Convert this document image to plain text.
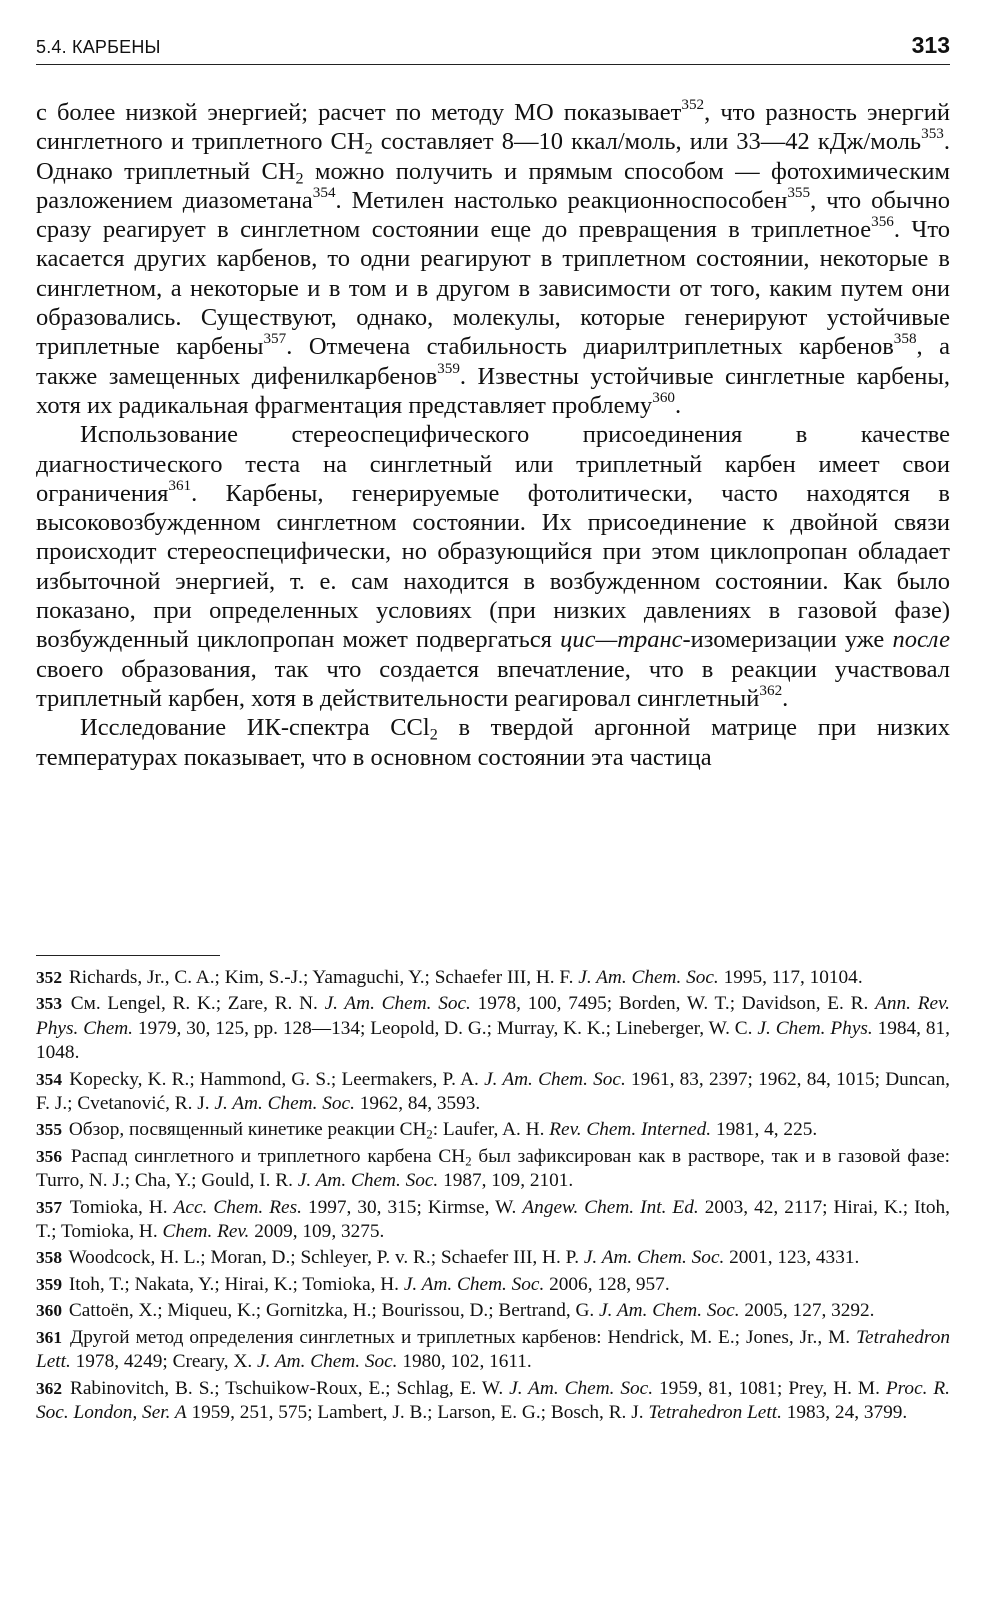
5.4. КАРБЕНЫ	313

с более низкой энергией; расчет по методу МО показывает$^{352}$, что разность энергий синглетного и триплетного $CH_2$ составляет 8—10 ккал/моль, или 33—42 кДж/моль$^{353}$. Однако триплетный $CH_2$ можно получить и прямым способом — фотохимическим разложением диазометана$^{354}$. Метилен настолько реакционноспособен$^{355}$, что обычно сразу реагирует в синглетном состоянии еще до превращения в триплетное$^{356}$. Что касается других карбенов, то одни реагируют в триплетном состоянии, некоторые в синглетном, а некоторые и в том и в другом в зависимости от того, каким путем они образовались. Существуют, однако, молекулы, которые генерируют устойчивые триплетные карбены$^{357}$. Отмечена стабильность диарилтриплетных карбенов$^{358}$, а также замещенных дифенилкарбенов$^{359}$. Известны устойчивые синглетные карбены, хотя их радикальная фрагментация представляет проблему$^{360}$.

Использование стереоспецифического присоединения в качестве диагностического теста на синглетный или триплетный карбен имеет свои ограничения$^{361}$. Карбены, генерируемые фотолитически, часто находятся в высоковозбужденном синглетном состоянии. Их присоединение к двойной связи происходит стереоспецифически, но образующийся при этом циклопропан обладает избыточной энергией, т. е. сам находится в возбужденном состоянии. Как было показано, при определенных условиях (при низких давлениях в газовой фазе) возбужденный циклопропан может подвергаться цис—транс-изомеризации уже после своего образования, так что создается впечатление, что в реакции участвовал триплетный карбен, хотя в действительности реагировал синглетный$^{362}$.

Исследование ИК-спектра CCl$_2$ в твердой аргонной матрице при низких температурах показывает, что в основном состоянии эта частица

352 Richards, Jr., C. A.; Kim, S.-J.; Yamaguchi, Y.; Schaefer III, H. F. J. Am. Chem. Soc. 1995, 117, 10104.

353 См. Lengel, R. K.; Zare, R. N. J. Am. Chem. Soc. 1978, 100, 7495; Borden, W. T.; Davidson, E. R. Ann. Rev. Phys. Chem. 1979, 30, 125, pp. 128—134; Leopold, D. G.; Murray, K. K.; Lineberger, W. C. J. Chem. Phys. 1984, 81, 1048.

354 Kopecky, K. R.; Hammond, G. S.; Leermakers, P. A. J. Am. Chem. Soc. 1961, 83, 2397; 1962, 84, 1015; Duncan, F. J.; Cvetanović, R. J. J. Am. Chem. Soc. 1962, 84, 3593.

355 Обзор, посвященный кинетике реакции $CH_2$: Laufer, A. H. Rev. Chem. Interned. 1981, 4, 225.

356 Распад синглетного и триплетного карбена $CH_2$ был зафиксирован как в растворе, так и в газовой фазе: Turro, N. J.; Cha, Y.; Gould, I. R. J. Am. Chem. Soc. 1987, 109, 2101.

357 Tomioka, H. Acc. Chem. Res. 1997, 30, 315; Kirmse, W. Angew. Chem. Int. Ed. 2003, 42, 2117; Hirai, K.; Itoh, T.; Tomioka, H. Chem. Rev. 2009, 109, 3275.

358 Woodcock, H. L.; Moran, D.; Schleyer, P. v. R.; Schaefer III, H. P. J. Am. Chem. Soc. 2001, 123, 4331.

359 Itoh, T.; Nakata, Y.; Hirai, K.; Tomioka, H. J. Am. Chem. Soc. 2006, 128, 957.

360 Cattoën, X.; Miqueu, K.; Gornitzka, H.; Bourissou, D.; Bertrand, G. J. Am. Chem. Soc. 2005, 127, 3292.

361 Другой метод определения синглетных и триплетных карбенов: Hendrick, M. E.; Jones, Jr., M. Tetrahedron Lett. 1978, 4249; Creary, X. J. Am. Chem. Soc. 1980, 102, 1611.

362 Rabinovitch, B. S.; Tschuikow-Roux, E.; Schlag, E. W. J. Am. Chem. Soc. 1959, 81, 1081; Prey, H. M. Proc. R. Soc. London, Ser. A 1959, 251, 575; Lambert, J. B.; Larson, E. G.; Bosch, R. J. Tetrahedron Lett. 1983, 24, 3799.
